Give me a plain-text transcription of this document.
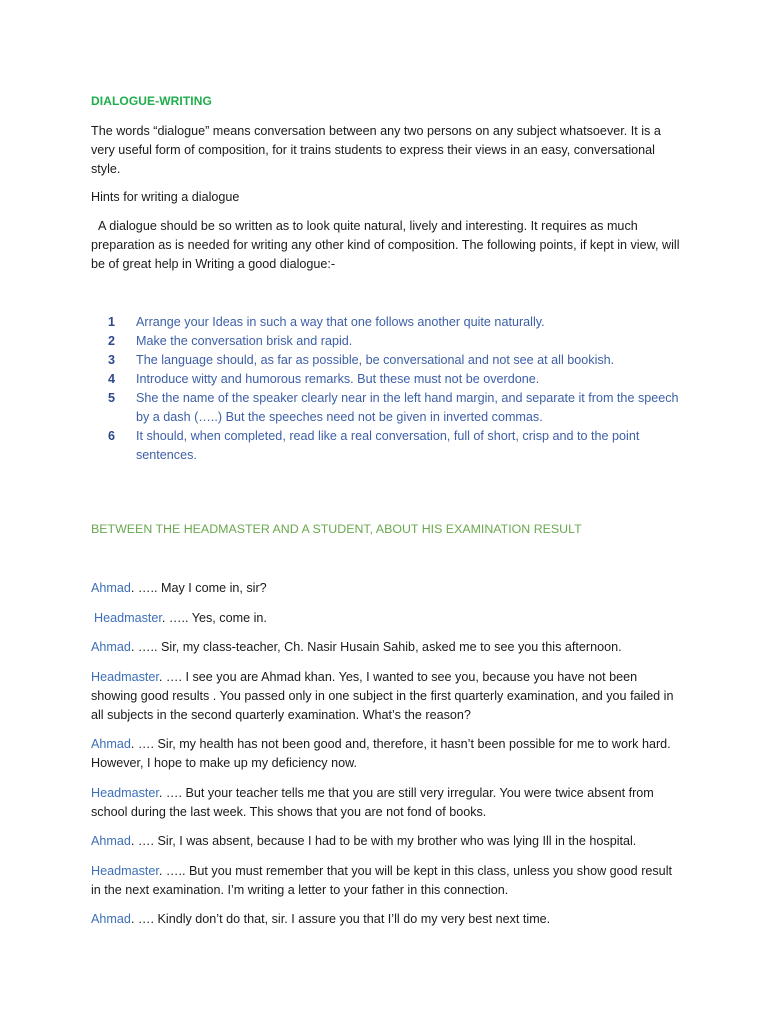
DIALOGUE-WRITING

The words “dialogue” means conversation between any two persons on any subject whatsoever. It is a very useful form of composition, for it trains students to express their views in an easy, conversational style.

Hints for writing a dialogue

A dialogue should be so written as to look quite natural, lively and interesting. It requires as much preparation as is needed for writing any other kind of composition. The following points, if kept in view, will be of great help in Writing a good dialogue:-

1	Arrange your Ideas in such a way that one follows another quite naturally.
2	Make the conversation brisk and rapid.
3	The language should, as far as possible, be conversational and not see at all bookish.
4	Introduce witty and humorous remarks. But these must not be overdone.
5	She the name of the speaker clearly near in the left hand margin, and separate it from the speech by a dash (…..) But the speeches need not be given in inverted commas.
6	It should, when completed, read like a real conversation, full of short, crisp and to the point sentences.
BETWEEN THE HEADMASTER AND A STUDENT, ABOUT HIS EXAMINATION RESULT

Ahmad. ….. May I come in, sir?

Headmaster. ….. Yes, come in.

Ahmad. ….. Sir, my class-teacher, Ch. Nasir Husain Sahib, asked me to see you this afternoon.

Headmaster. …. I see you are Ahmad khan. Yes, I wanted to see you, because you have not been showing good results . You passed only in one subject in the first quarterly examination, and you failed in all subjects in the second quarterly examination. What’s the reason?

Ahmad. …. Sir, my health has not been good and, therefore, it hasn’t been possible for me to work hard. However, I hope to make up my deficiency now.

Headmaster. …. But your teacher tells me that you are still very irregular. You were twice absent from school during the last week. This shows that you are not fond of books.

Ahmad. …. Sir, I was absent, because I had to be with my brother who was lying Ill in the hospital.

Headmaster. ….. But you must remember that you will be kept in this class, unless you show good result in the next examination. I’m writing a letter to your father in this connection.

Ahmad. …. Kindly don’t do that, sir. I assure you that I’ll do my very best next time.
